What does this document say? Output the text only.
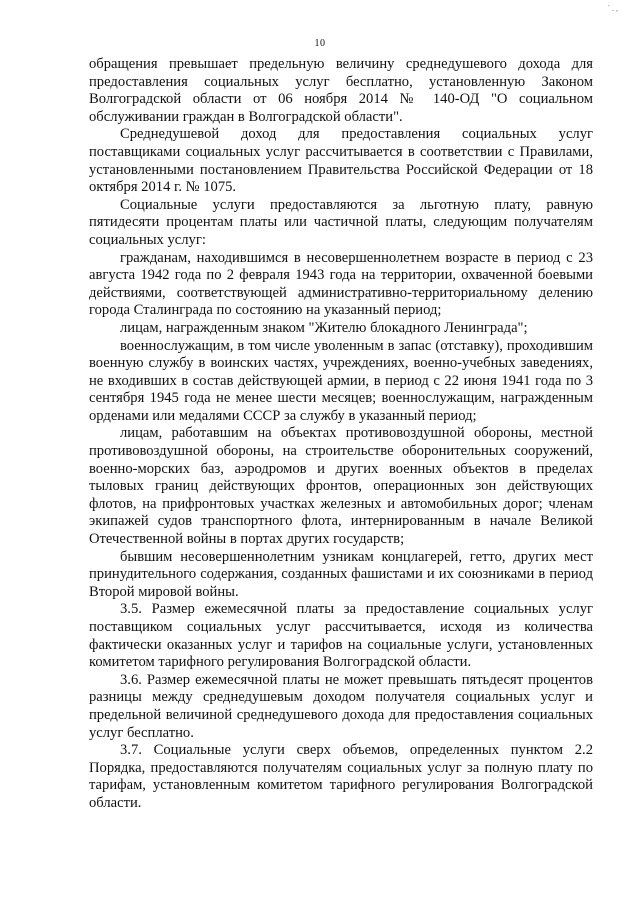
` . ,
10

обращения превышает предельную величину среднедушевого дохода для предоставления социальных услуг бесплатно, установленную Законом Волгоградской области от 06 ноября 2014 № 140-ОД "О социальном обслуживании граждан в Волгоградской области".

Среднедушевой доход для предоставления социальных услуг поставщиками социальных услуг рассчитывается в соответствии с Правилами, установленными постановлением Правительства Российской Федерации от 18 октября 2014 г. № 1075.

Социальные услуги предоставляются за льготную плату, равную пятидесяти процентам платы или частичной платы, следующим получателям социальных услуг:

гражданам, находившимся в несовершеннолетнем возрасте в период с 23 августа 1942 года по 2 февраля 1943 года на территории, охваченной боевыми действиями, соответствующей административно-территориальному делению города Сталинграда по состоянию на указанный период;

лицам, награжденным знаком "Жителю блокадного Ленинграда";

военнослужащим, в том числе уволенным в запас (отставку), проходившим военную службу в воинских частях, учреждениях, военно-учебных заведениях, не входивших в состав действующей армии, в период с 22 июня 1941 года по 3 сентября 1945 года не менее шести месяцев; военнослужащим, награжденным орденами или медалями СССР за службу в указанный период;

лицам, работавшим на объектах противовоздушной обороны, местной противовоздушной обороны, на строительстве оборонительных сооружений, военно-морских баз, аэродромов и других военных объектов в пределах тыловых границ действующих фронтов, операционных зон действующих флотов, на прифронтовых участках железных и автомобильных дорог; членам экипажей судов транспортного флота, интернированным в начале Великой Отечественной войны в портах других государств;

бывшим несовершеннолетним узникам концлагерей, гетто, других мест принудительного содержания, созданных фашистами и их союзниками в период Второй мировой войны.

3.5. Размер ежемесячной платы за предоставление социальных услуг поставщиком социальных услуг рассчитывается, исходя из количества фактически оказанных услуг и тарифов на социальные услуги, установленных комитетом тарифного регулирования Волгоградской области.

3.6. Размер ежемесячной платы не может превышать пятьдесят процентов разницы между среднедушевым доходом получателя социальных услуг и предельной величиной среднедушевого дохода для предоставления социальных услуг бесплатно.

3.7. Социальные услуги сверх объемов, определенных пунктом 2.2 Порядка, предоставляются получателям социальных услуг за полную плату по тарифам, установленным комитетом тарифного регулирования Волгоградской области.
